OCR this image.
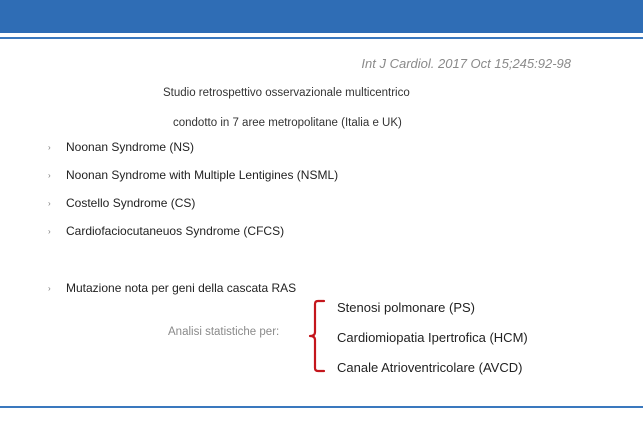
Int J Cardiol. 2017 Oct 15;245:92-98
Studio retrospettivo osservazionale multicentrico
condotto in 7 aree metropolitane (Italia e UK)
› Noonan Syndrome (NS)
› Noonan Syndrome with Multiple Lentigines (NSML)
› Costello Syndrome (CS)
› Cardiofaciocutaneuos Syndrome (CFCS)
› Mutazione nota per geni della cascata RAS
Analisi statistiche per:
Stenosi polmonare (PS)
Cardiomiopatia Ipertrofica (HCM)
Canale Atrioventricolare (AVCD)
